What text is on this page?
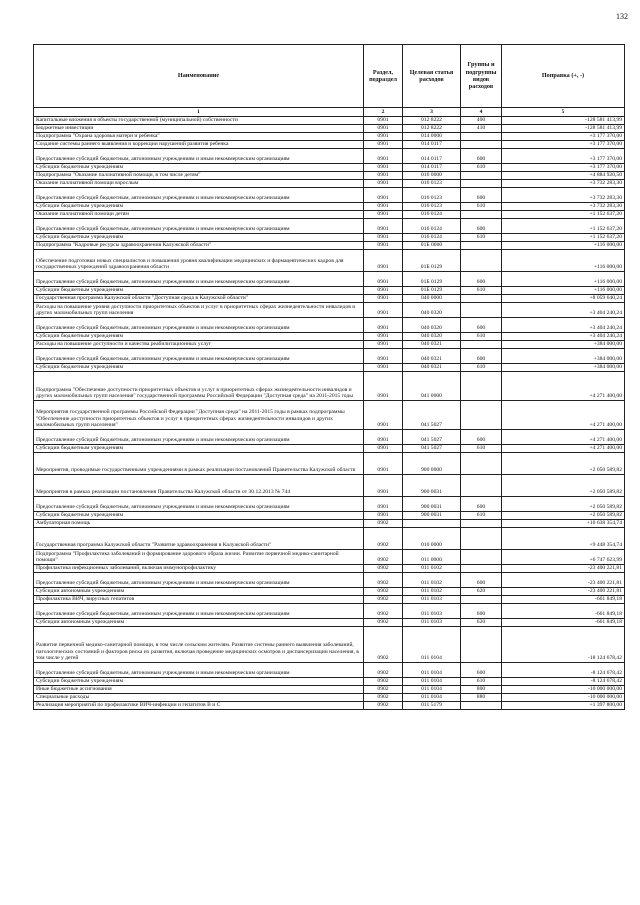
132
Наименование	Раздел, подраздел	Целевая статья расходов	Группы и подгруппы видов расходов	Поправка (+, -)
1	2	3	4	5
Капитальные вложения в объекты государственной (муниципальной) собственности	0901	012 8222	400	-128 581 413,99
Бюджетные инвестиции	0901	012 8222	410	-128 581 413,99
Подпрограмма "Охрана здоровья матери и ребенка"	0901	014 0000		+3 177 370,00
Создание системы раннего выявления и коррекции нарушений развития ребенка	0901	014 0117		+3 177 370,00
Предоставление субсидий бюджетным, автономным учреждениям и иным некоммерческим организациям	0901	014 0117	600	+3 177 370,00
Субсидии бюджетным учреждениям	0901	014 0117	610	+3 177 370,00
Подпрограмма "Оказание паллиативной помощи, в том числе детям"	0901	016 0000		+4 884 920,50
Оказание паллиативной помощи взрослым	0901	016 0123		+3 732 283,30
Предоставление субсидий бюджетным, автономным учреждениям и иным некоммерческим организациям	0901	016 0123	600	+3 732 283,30
Субсидии бюджетным учреждениям	0901	016 0123	610	+3 732 283,30
Оказание паллиативной помощи детям	0901	016 0124		+1 152 637,20
Предоставление субсидий бюджетным, автономным учреждениям и иным некоммерческим организациям	0901	016 0124	600	+1 152 637,20
Субсидии бюджетным учреждениям	0901	016 0124	610	+1 152 637,20
Подпрограмма "Кадровые ресурсы здравоохранения Калужской области"	0901	01Б 0000		+116 000,00
Обеспечение подготовки новых специалистов и повышения уровня квалификации медицинских и фармацевтических кадров для государственных учреждений здравоохранения области	0901	01Б 0129		+116 000,00
Предоставление субсидий бюджетным, автономным учреждениям и иным некоммерческим организациям	0901	01Б 0129	600	+116 000,00
Субсидии бюджетным учреждениям	0901	01Б 0129	610	+116 000,00
Государственная программа Калужской области "Доступная среда в Калужской области"	0901	040 0000		+8 059 640,24
Расходы на повышение уровня доступности приоритетных объектов и услуг в приоритетных сферах жизнедеятельности инвалидов и других маломобильных групп населения	0901	040 0320		+3 404 240,24
Предоставление субсидий бюджетным, автономным учреждениям и иным некоммерческим организациям	0901	040 0320	600	+3 404 240,24
Субсидии бюджетным учреждениям	0901	040 0320	610	+3 404 240,24
Расходы на повышение доступности и качества реабилитационных услуг	0901	040 0321		+384 000,00
Предоставление субсидий бюджетным, автономным учреждениям и иным некоммерческим организациям	0901	040 0321	600	+384 000,00
Субсидии бюджетным учреждениям	0901	040 0321	610	+384 000,00
Подпрограмма "Обеспечение доступности приоритетных объектов и услуг в приоритетных сферах жизнедеятельности инвалидов и других маломобильных групп населения" государственной программы Российской Федерации "Доступная среда" на 2011-2015 годы	0901	041 0000		+4 271 400,00
Мероприятия государственной программы Российской Федерации "Доступная среда" на 2011-2015 годы в рамках подпрограммы "Обеспечение доступности приоритетных объектов и услуг в приоритетных сферах жизнедеятельности инвалидов и других маломобильных групп населения"	0901	041 5027		+4 271 400,00
Предоставление субсидий бюджетным, автономным учреждениям и иным некоммерческим организациям	0901	041 5027	600	+4 271 400,00
Субсидии бюджетным учреждениям	0901	041 5027	610	+4 271 400,00
Мероприятия, проводимые государственными учреждениями в рамках реализации постановлений Правительства Калужской области	0901	900 0000		+2 050 589,82
Мероприятия в рамках реализации постановления Правительства Калужской области от 30.12.2013 № 744	0901	900 0031		+2 050 589,82
Предоставление субсидий бюджетным, автономным учреждениям и иным некоммерческим организациям	0901	900 0031	600	+2 050 589,82
Субсидии бюджетным учреждениям	0901	900 0031	610	+2 050 589,82
Амбулаторная помощь	0902			+10 638 354,74
Государственная программа Калужской области "Развитие здравоохранения в Калужской области"	0902	010 0000		+9 448 354,74
Подпрограмма "Профилактика заболеваний и формирование здорового образа жизни. Развитие первичной медико-санитарной помощи"	0902	011 0000		+6 747 623,99
Профилактика инфекционных заболеваний, включая иммунопрофилактику	0902	011 0102		-23 400 221,81
Предоставление субсидий бюджетным, автономным учреждениям и иным некоммерческим организациям	0902	011 0102	600	-23 400 221,81
Субсидии автономным учреждениям	0902	011 0102	620	-23 400 221,81
Профилактика ВИЧ, вирусных гепатитов	0902	011 0103		-661 849,18
Предоставление субсидий бюджетным, автономным учреждениям и иным некоммерческим организациям	0902	011 0103	600	-661 849,18
Субсидии автономным учреждениям	0902	011 0103	620	-661 849,18
Развитие первичной медико-санитарной помощи, в том числе сельским жителям. Развитие системы раннего выявления заболеваний, патологических состояний и факторов риска их развития, включая проведение медицинских осмотров и диспансеризации населения, в том числе у детей	0902	011 0104		-18 124 678,42
Предоставление субсидий бюджетным, автономным учреждениям и иным некоммерческим организациям	0902	011 0104	600	-8 124 678,42
Субсидии бюджетным учреждениям	0902	011 0104	610	-8 124 678,42
Иные бюджетные ассигнования	0902	011 0104	800	-10 000 000,00
Специальные расходы	0902	011 0104	880	-10 000 000,00
Реализация мероприятий по профилактике ВИЧ-инфекции и гепатитов В и С	0902	011 5179		+1 397 800,00
